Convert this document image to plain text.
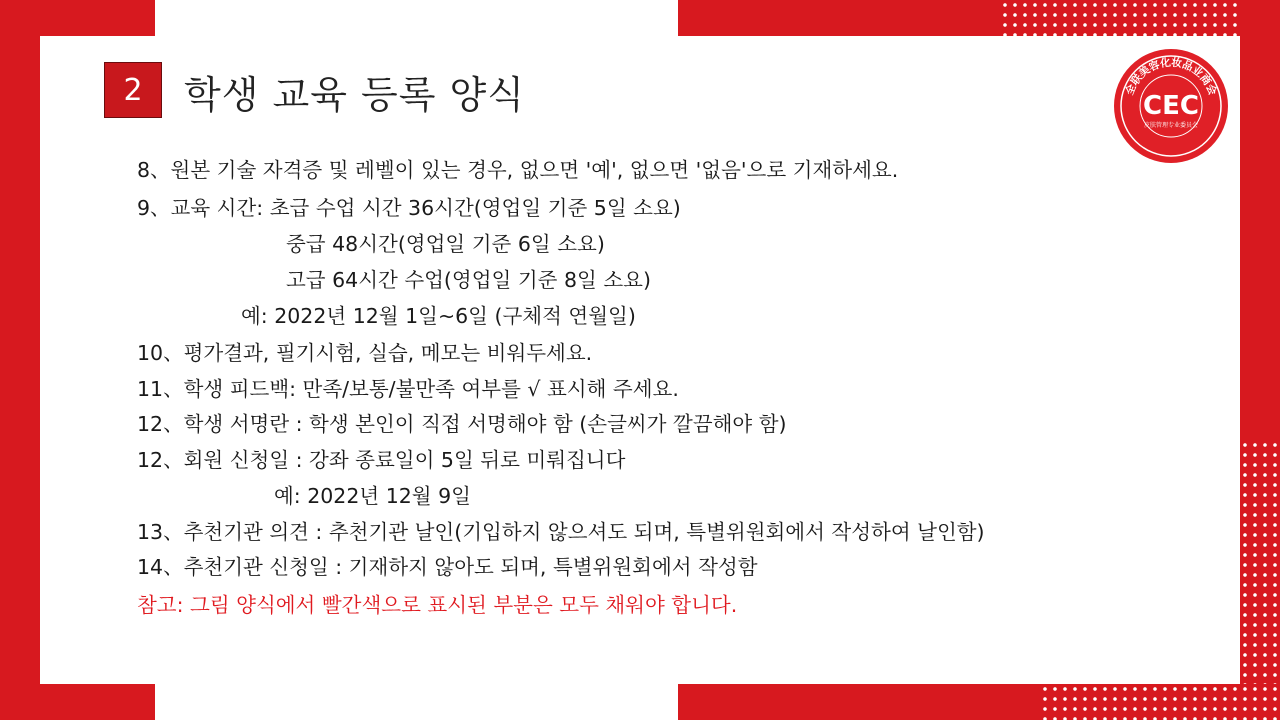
2	학생 교육 등록 양식	全联美容化妆品业商会
CEC
皮肤管理专业委员会
8、원본 기술 자격증 및 레벨이 있는 경우, 없으면 '예', 없으면 '없음'으로 기재하세요.
9、교육 시간: 초급 수업 시간 36시간(영업일 기준 5일 소요)
중급 48시간(영업일 기준 6일 소요)
고급 64시간 수업(영업일 기준 8일 소요)
예: 2022년 12월 1일~6일 (구체적 연월일)
10、평가결과, 필기시험, 실습, 메모는 비워두세요.
11、학생 피드백: 만족/보통/불만족 여부를 √ 표시해 주세요.
12、학생 서명란 : 학생 본인이 직접 서명해야 함 (손글씨가 깔끔해야 함)
12、회원 신청일 : 강좌 종료일이 5일 뒤로 미뤄집니다
예: 2022년 12월 9일
13、추천기관 의견 : 추천기관 날인(기입하지 않으셔도 되며, 특별위원회에서 작성하여 날인함)
14、추천기관 신청일 : 기재하지 않아도 되며, 특별위원회에서 작성함
참고: 그림 양식에서 빨간색으로 표시된 부분은 모두 채워야 합니다.
